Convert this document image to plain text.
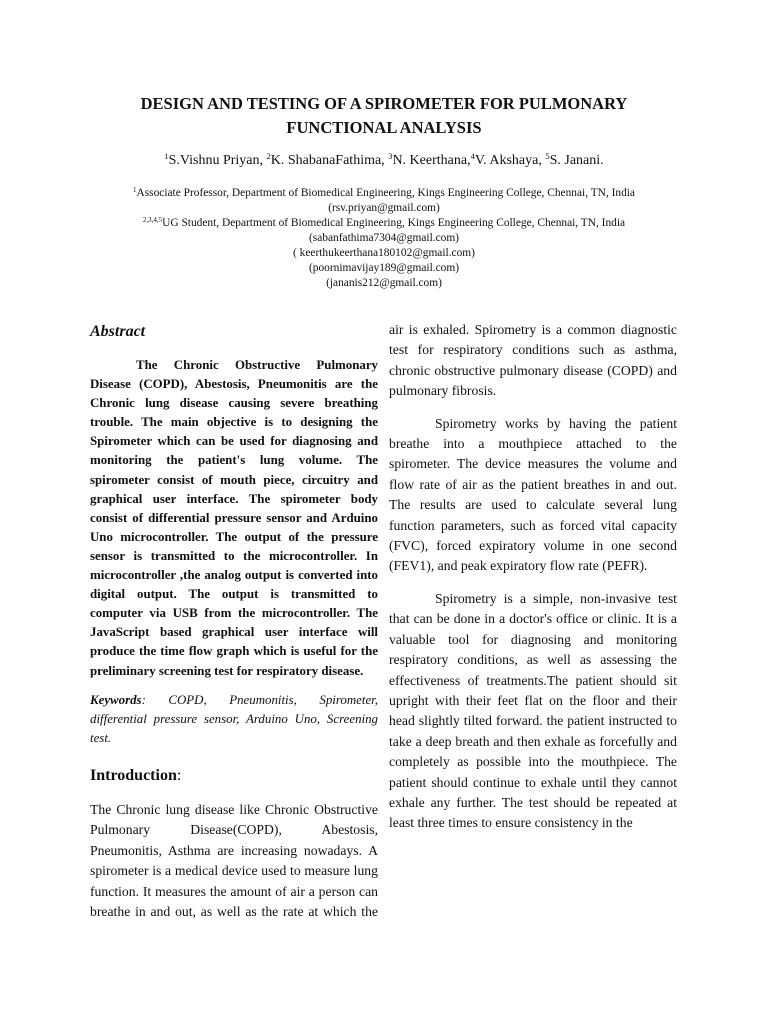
DESIGN AND TESTING OF A SPIROMETER FOR PULMONARY FUNCTIONAL ANALYSIS
$^1$S.Vishnu Priyan, $^2$K. ShabanaFathima, $^3$N. Keerthana,$^4$V. Akshaya, $^5$S. Janani.
$^1$Associate Professor, Department of Biomedical Engineering, Kings Engineering College, Chennai, TN, India
(rsv.priyan@gmail.com)
$^{2,3,4,5}$UG Student, Department of Biomedical Engineering, Kings Engineering College, Chennai, TN, India
(sabanfathima7304@gmail.com)
( keerthukeerthana180102@gmail.com)
(poornimavijay189@gmail.com)
(jananis212@gmail.com)
Abstract

The Chronic Obstructive Pulmonary Disease (COPD), Abestosis, Pneumonitis are the Chronic lung disease causing severe breathing trouble. The main objective is to designing the Spirometer which can be used for diagnosing and monitoring the patient's lung volume. The spirometer consist of mouth piece, circuitry and graphical user interface. The spirometer body consist of differential pressure sensor and Arduino Uno microcontroller. The output of the pressure sensor is transmitted to the microcontroller. In microcontroller ,the analog output is converted into digital output. The output is transmitted to computer via USB from the microcontroller. The JavaScript based graphical user interface will produce the time flow graph which is useful for the preliminary screening test for respiratory disease.

Keywords: COPD, Pneumonitis, Spirometer, differential pressure sensor, Arduino Uno, Screening test.

Introduction:

The Chronic lung disease like Chronic Obstructive Pulmonary Disease(COPD), Abestosis, Pneumonitis, Asthma are increasing nowadays. A spirometer is a medical device used to measure lung function. It measures the amount of air a person can breathe in and out, as well as the rate at which the

air is exhaled. Spirometry is a common diagnostic test for respiratory conditions such as asthma, chronic obstructive pulmonary disease (COPD) and pulmonary fibrosis.

Spirometry works by having the patient breathe into a mouthpiece attached to the spirometer. The device measures the volume and flow rate of air as the patient breathes in and out. The results are used to calculate several lung function parameters, such as forced vital capacity (FVC), forced expiratory volume in one second (FEV1), and peak expiratory flow rate (PEFR).

Spirometry is a simple, non-invasive test that can be done in a doctor's office or clinic. It is a valuable tool for diagnosing and monitoring respiratory conditions, as well as assessing the effectiveness of treatments.The patient should sit upright with their feet flat on the floor and their head slightly tilted forward. the patient instructed to take a deep breath and then exhale as forcefully and completely as possible into the mouthpiece. The patient should continue to exhale until they cannot exhale any further. The test should be repeated at least three times to ensure consistency in the
